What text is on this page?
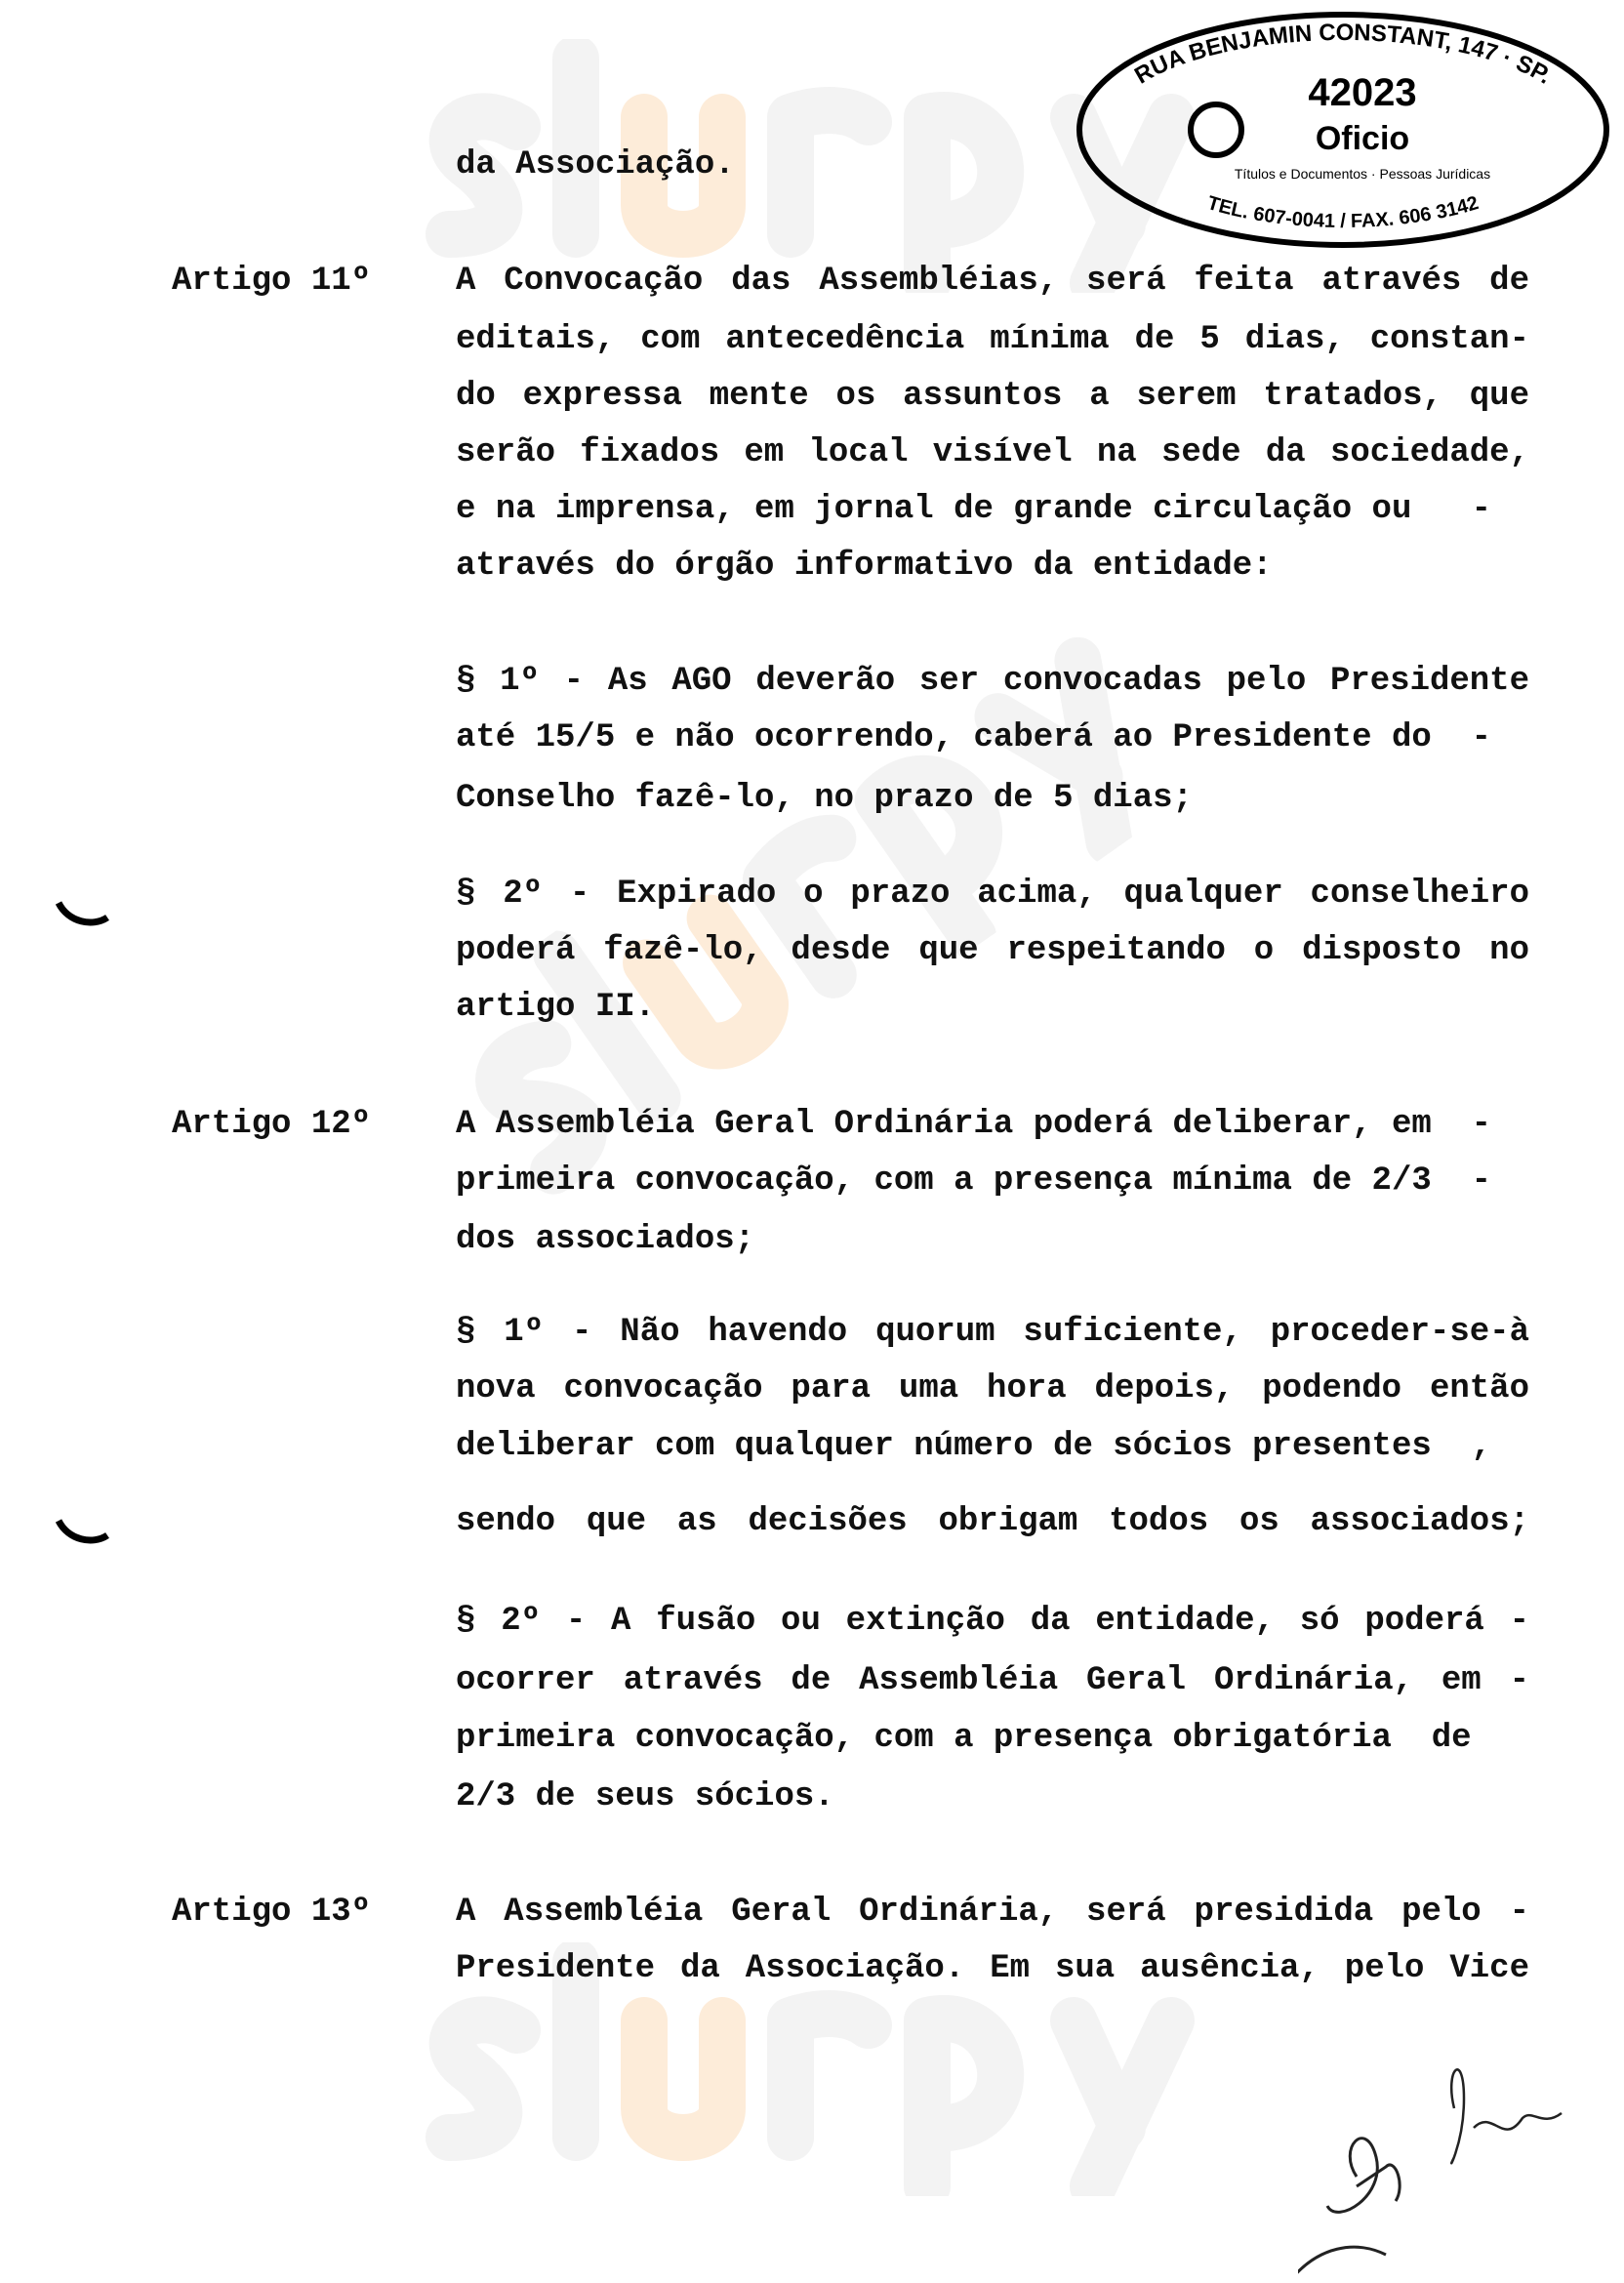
Artigo 11º
Artigo 12º
Artigo 13º
da Associação.
A Convocação das Assembléias, será feita através de
editais, com antecedência mínima de 5 dias, constan-
do expressa mente os assuntos a serem tratados, que
serão fixados em local visível na sede da sociedade,
e na imprensa, em jornal de grande circulação ou   -
através do órgão informativo da entidade:
§ 1º - As AGO deverão ser convocadas pelo Presidente
até 15/5 e não ocorrendo, caberá ao Presidente do  -
Conselho fazê-lo, no prazo de 5 dias;
§ 2º - Expirado o prazo acima, qualquer conselheiro
poderá fazê-lo, desde que respeitando o disposto no
artigo II.
A Assembléia Geral Ordinária poderá deliberar, em  -
primeira convocação, com a presença mínima de 2/3  -
dos associados;
§ 1º - Não havendo quorum suficiente, proceder-se-à
nova convocação para uma hora depois, podendo então
deliberar com qualquer número de sócios presentes  ,
sendo que as decisões obrigam todos os associados;
§ 2º - A fusão ou extinção da entidade, só poderá -
ocorrer através de Assembléia Geral Ordinária, em -
primeira convocação, com a presença obrigatória  de
2/3 de seus sócios.
A Assembléia Geral Ordinária, será presidida pelo -
Presidente da Associação. Em sua ausência, pelo Vice
RUA BENJAMIN CONSTANT, 147 · SP.
TEL. 607-0041 / FAX. 606 3142
42023
Oficio
Títulos e Documentos · Pessoas Jurídicas
